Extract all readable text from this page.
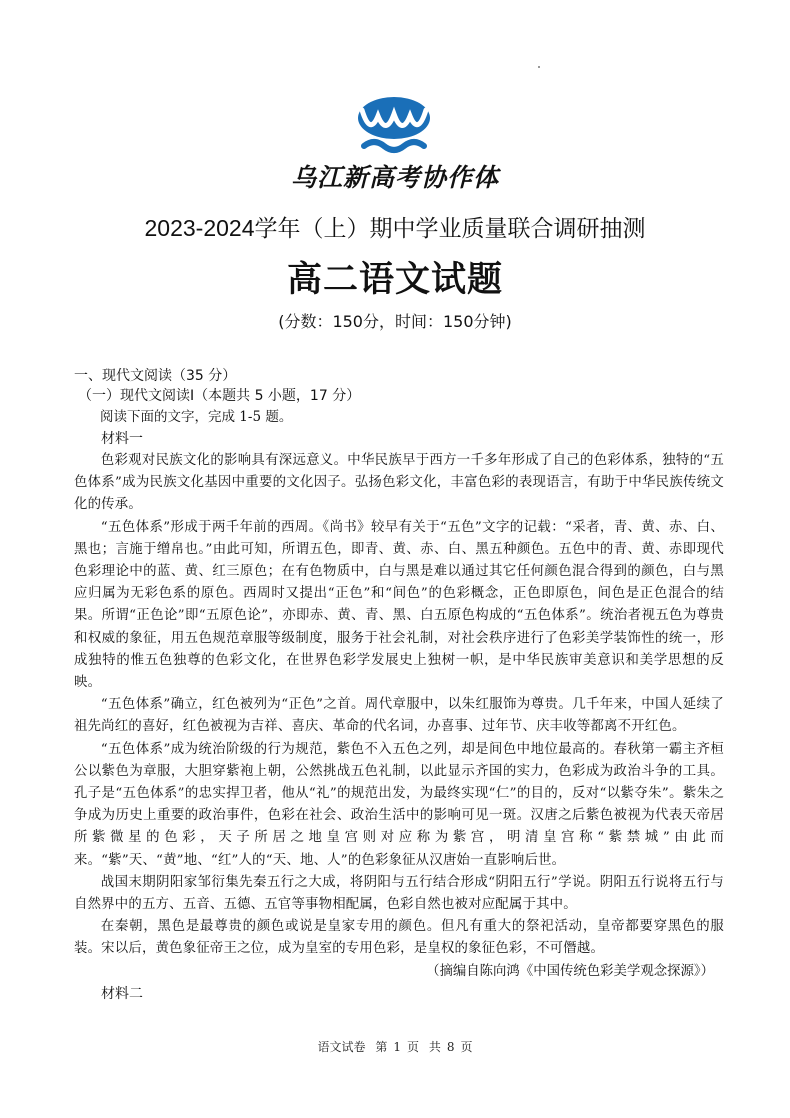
乌江新高考协作体
2023-2024学年（上）期中学业质量联合调研抽测
高二语文试题
(分数：150分，时间：150分钟)
一、现代文阅读（35 分）
（一）现代文阅读Ⅰ（本题共 5 小题，17 分）
阅读下面的文字，完成 1-5 题。
材料一

色彩观对民族文化的影响具有深远意义。中华民族早于西方一千多年形成了自己的色彩体系，独特的“五色体系”成为民族文化基因中重要的文化因子。弘扬色彩文化，丰富色彩的表现语言，有助于中华民族传统文化的传承。

“五色体系”形成于两千年前的西周。《尚书》较早有关于“五色”文字的记载：“采者，青、黄、赤、白、黑也；言施于缯帛也。”由此可知，所谓五色，即青、黄、赤、白、黑五种颜色。五色中的青、黄、赤即现代色彩理论中的蓝、黄、红三原色；在有色物质中，白与黑是难以通过其它任何颜色混合得到的颜色，白与黑应归属为无彩色系的原色。西周时又提出“正色”和“间色”的色彩概念，正色即原色，间色是正色混合的结果。所谓“正色论”即“五原色论”，亦即赤、黄、青、黑、白五原色构成的“五色体系”。统治者视五色为尊贵和权威的象征，用五色规范章服等级制度，服务于社会礼制，对社会秩序进行了色彩美学装饰性的统一，形成独特的惟五色独尊的色彩文化，在世界色彩学发展史上独树一帜，是中华民族审美意识和美学思想的反映。

“五色体系”确立，红色被列为“正色”之首。周代章服中，以朱红服饰为尊贵。几千年来，中国人延续了祖先尚红的喜好，红色被视为吉祥、喜庆、革命的代名词，办喜事、过年节、庆丰收等都离不开红色。

“五色体系”成为统治阶级的行为规范，紫色不入五色之列，却是间色中地位最高的。春秋第一霸主齐桓公以紫色为章服，大胆穿紫袍上朝，公然挑战五色礼制，以此显示齐国的实力，色彩成为政治斗争的工具。孔子是“五色体系”的忠实捍卫者，他从“礼”的规范出发，为最终实现“仁”的目的，反对“以紫夺朱”。紫朱之争成为历史上重要的政治事件，色彩在社会、政治生活中的影响可见一斑。汉唐之后紫色被视为代表天帝居所紫微星的色彩，天子所居之地皇宫则对应称为紫宫，明清皇宫称“紫禁城”由此而来。“紫”天、“黄”地、“红”人的“天、地、人”的色彩象征从汉唐始一直影响后世。

战国末期阴阳家邹衍集先秦五行之大成，将阴阳与五行结合形成“阴阳五行”学说。阴阳五行说将五行与自然界中的五方、五音、五德、五官等事物相配属，色彩自然也被对应配属于其中。

在秦朝，黑色是最尊贵的颜色或说是皇家专用的颜色。但凡有重大的祭祀活动，皇帝都要穿黑色的服装。宋以后，黄色象征帝王之位，成为皇室的专用色彩，是皇权的象征色彩，不可僭越。

（摘编自陈向鸿《中国传统色彩美学观念探源》）
材料二
语文试卷 第 1 页 共 8 页
